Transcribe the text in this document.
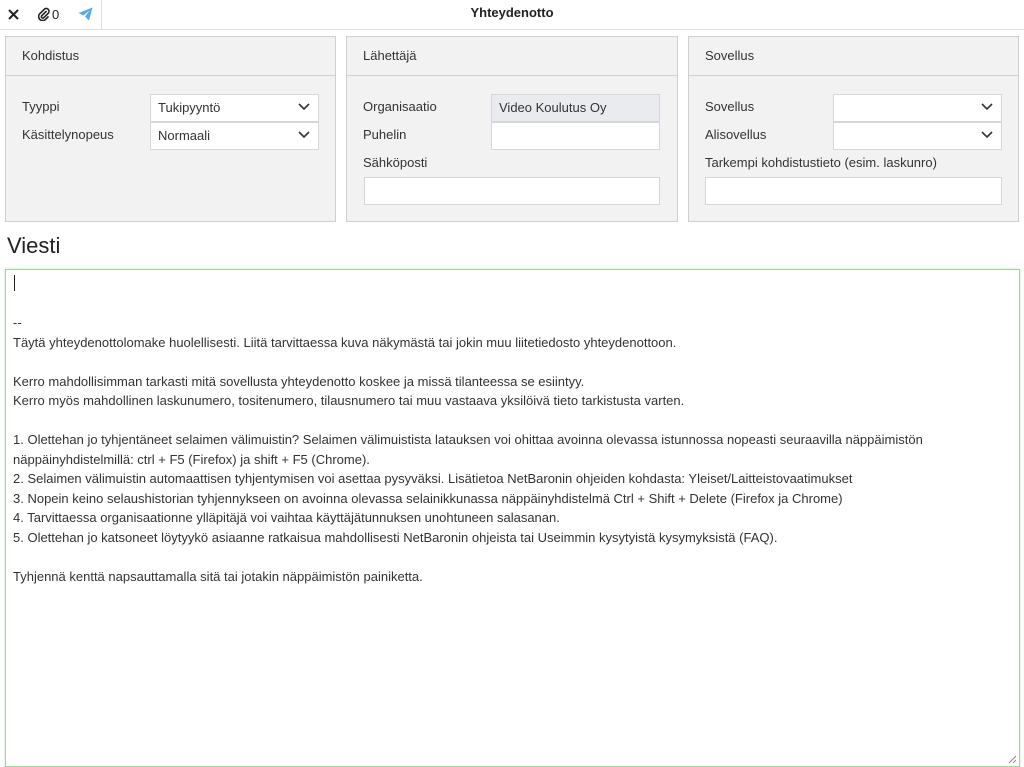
0	Yhteydenotto
Kohdistus
Tyyppi	Tukipyyntö
Käsittelynopeus	Normaali
Lähettäjä
Organisaatio	Video Koulutus Oy
Puhelin
Sähköposti
Sovellus
Sovellus
Alisovellus
Tarkempi kohdistustieto (esim. laskunro)
Viesti
--
Täytä yhteydenottolomake huolellisesti. Liitä tarvittaessa kuva näkymästä tai jokin muu liitetiedosto yhteydenottoon.
Kerro mahdollisimman tarkasti mitä sovellusta yhteydenotto koskee ja missä tilanteessa se esiintyy.
Kerro myös mahdollinen laskunumero, tositenumero, tilausnumero tai muu vastaava yksilöivä tieto tarkistusta varten.
1. Olettehan jo tyhjentäneet selaimen välimuistin? Selaimen välimuistista latauksen voi ohittaa avoinna olevassa istunnossa nopeasti seuraavilla näppäimistön
näppäinyhdistelmillä: ctrl + F5 (Firefox) ja shift + F5 (Chrome).
2. Selaimen välimuistin automaattisen tyhjentymisen voi asettaa pysyväksi. Lisätietoa NetBaronin ohjeiden kohdasta: Yleiset/Laitteistovaatimukset
3. Nopein keino selaushistorian tyhjennykseen on avoinna olevassa selainikkunassa näppäinyhdistelmä Ctrl + Shift + Delete (Firefox ja Chrome)
4. Tarvittaessa organisaationne ylläpitäjä voi vaihtaa käyttäjätunnuksen unohtuneen salasanan.
5. Olettehan jo katsoneet löytyykö asiaanne ratkaisua mahdollisesti NetBaronin ohjeista tai Useimmin kysytyistä kysymyksistä (FAQ).
Tyhjennä kenttä napsauttamalla sitä tai jotakin näppäimistön painiketta.
